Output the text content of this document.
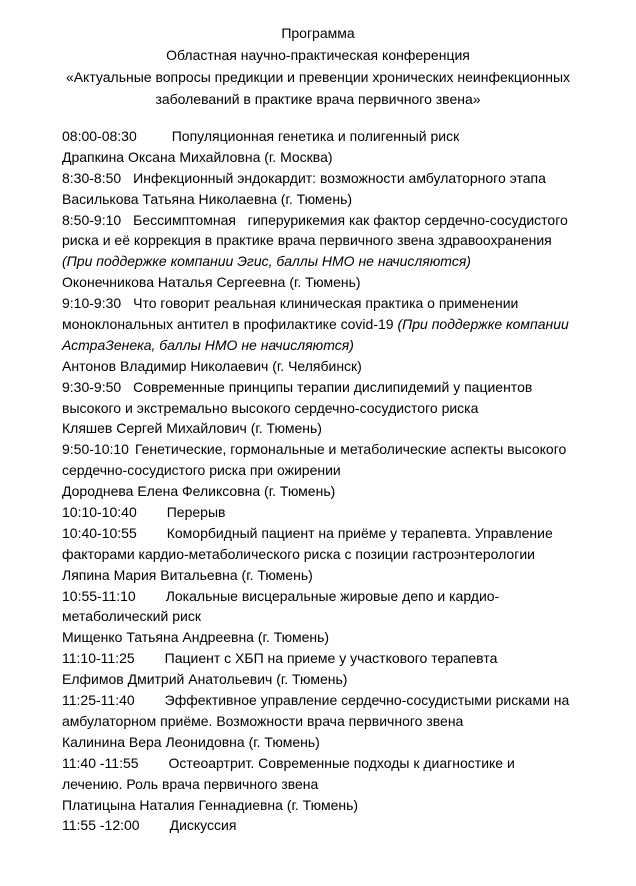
Программа
Областная научно-практическая конференция
«Актуальные вопросы предикции и превенции хронических неинфекционных
заболеваний в практике врача первичного звена»
08:00-08:30	Популяционная генетика и полигенный риск
Драпкина Оксана Михайловна (г. Москва)
8:30-8:50 Инфекционный эндокардит: возможности амбулаторного этапа
Василькова Татьяна Николаевна (г. Тюмень)
8:50-9:10 Бессимптомная   гиперурикемия как фактор сердечно-сосудистого
риска и её коррекция в практике врача первичного звена здравоохранения
(При поддержке компании Эгис, баллы НМО не начисляются)
Оконечникова Наталья Сергеевна (г. Тюмень)
9:10-9:30 Что говорит реальная клиническая практика о применении
моноклональных антител в профилактике covid-19 (При поддержке компании
АстраЗенека, баллы НМО не начисляются)
Антонов Владимир Николаевич (г. Челябинск)
9:30-9:50 Современные принципы терапии дислипидемий у пациентов
высокого и экстремально высокого сердечно-сосудистого риска
Кляшев Сергей Михайлович (г. Тюмень)
9:50-10:10 Генетические, гормональные и метаболические аспекты высокого
сердечно-сосудистого риска при ожирении
Дороднева Елена Феликсовна (г. Тюмень)
10:10-10:40 Перерыв
10:40-10:55 Коморбидный пациент на приёме у терапевта. Управление
факторами кардио-метаболического риска с позиции гастроэнтерологии
Ляпина Мария Витальевна (г. Тюмень)
10:55-11:10 Локальные висцеральные жировые депо и кардио-
метаболический риск
Мищенко Татьяна Андреевна (г. Тюмень)
11:10-11:25 Пациент с ХБП на приеме у участкового терапевта
Елфимов Дмитрий Анатольевич (г. Тюмень)
11:25-11:40 Эффективное управление сердечно-сосудистыми рисками на
амбулаторном приёме. Возможности врача первичного звена
Калинина Вера Леонидовна (г. Тюмень)
11:40 -11:55 Остеоартрит. Современные подходы к диагностике и
лечению. Роль врача первичного звена
Платицына Наталия Геннадиевна (г. Тюмень)
11:55 -12:00 Дискуссия
